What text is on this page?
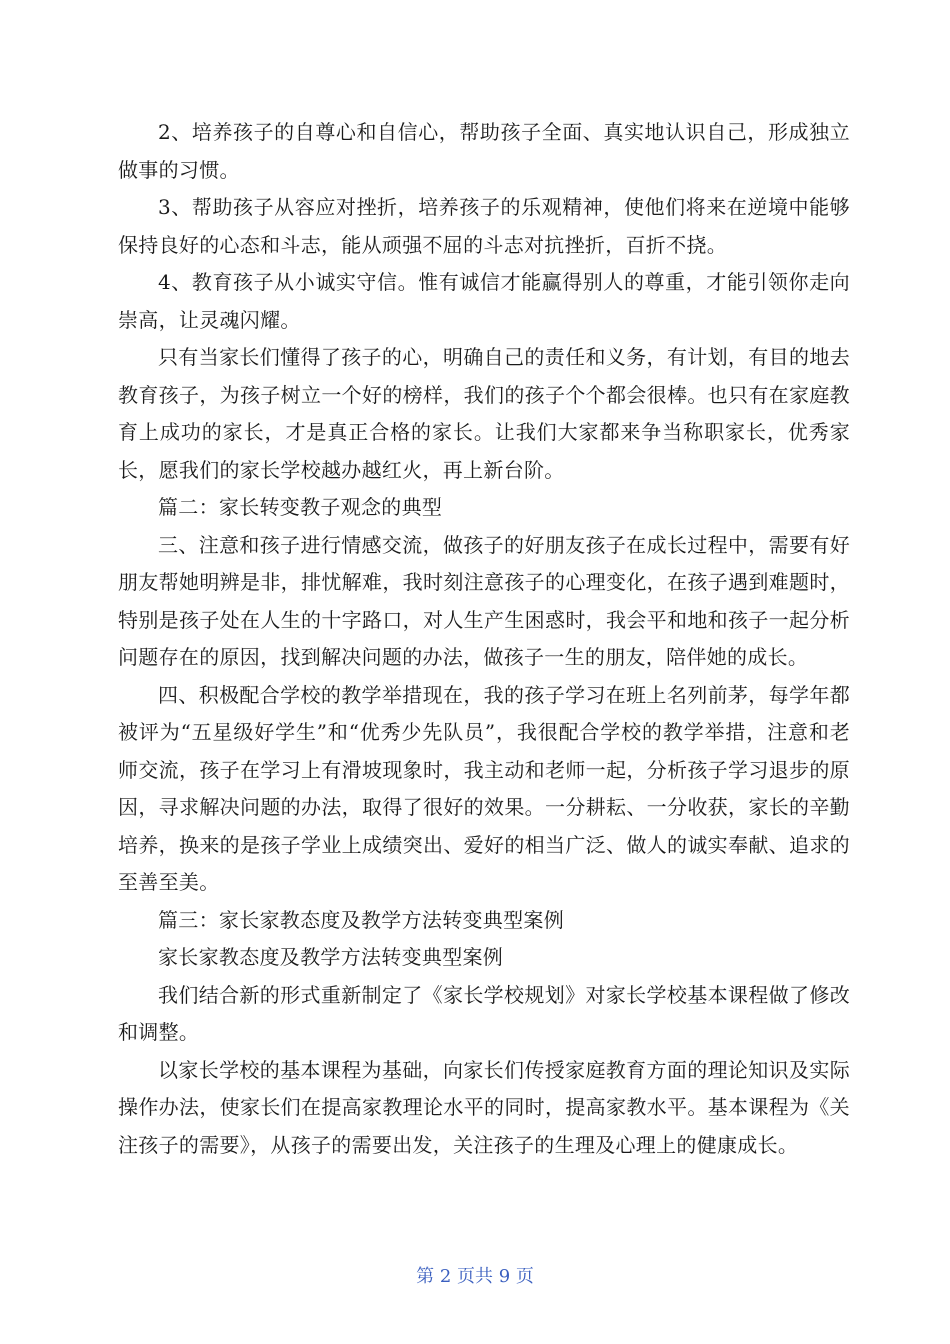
2、培养孩子的自尊心和自信心，帮助孩子全面、真实地认识自己，形成独立做事的习惯。

3、帮助孩子从容应对挫折，培养孩子的乐观精神，使他们将来在逆境中能够保持良好的心态和斗志，能从顽强不屈的斗志对抗挫折，百折不挠。

4、教育孩子从小诚实守信。惟有诚信才能赢得别人的尊重，才能引领你走向崇高，让灵魂闪耀。

只有当家长们懂得了孩子的心，明确自己的责任和义务，有计划，有目的地去教育孩子，为孩子树立一个好的榜样，我们的孩子个个都会很棒。也只有在家庭教育上成功的家长，才是真正合格的家长。让我们大家都来争当称职家长，优秀家长，愿我们的家长学校越办越红火，再上新台阶。

篇二：家长转变教子观念的典型

三、注意和孩子进行情感交流，做孩子的好朋友孩子在成长过程中，需要有好朋友帮她明辨是非，排忧解难，我时刻注意孩子的心理变化，在孩子遇到难题时，特别是孩子处在人生的十字路口，对人生产生困惑时，我会平和地和孩子一起分析问题存在的原因，找到解决问题的办法，做孩子一生的朋友，陪伴她的成长。

四、积极配合学校的教学举措现在，我的孩子学习在班上名列前茅，每学年都被评为“五星级好学生”和“优秀少先队员”，我很配合学校的教学举措，注意和老师交流，孩子在学习上有滑坡现象时，我主动和老师一起，分析孩子学习退步的原因，寻求解决问题的办法，取得了很好的效果。一分耕耘、一分收获，家长的辛勤培养，换来的是孩子学业上成绩突出、爱好的相当广泛、做人的诚实奉献、追求的至善至美。

篇三：家长家教态度及教学方法转变典型案例

家长家教态度及教学方法转变典型案例

我们结合新的形式重新制定了《家长学校规划》对家长学校基本课程做了修改和调整。

以家长学校的基本课程为基础，向家长们传授家庭教育方面的理论知识及实际操作办法，使家长们在提高家教理论水平的同时，提高家教水平。基本课程为《关注孩子的需要》，从孩子的需要出发，关注孩子的生理及心理上的健康成长。

第 2 页共 9 页
